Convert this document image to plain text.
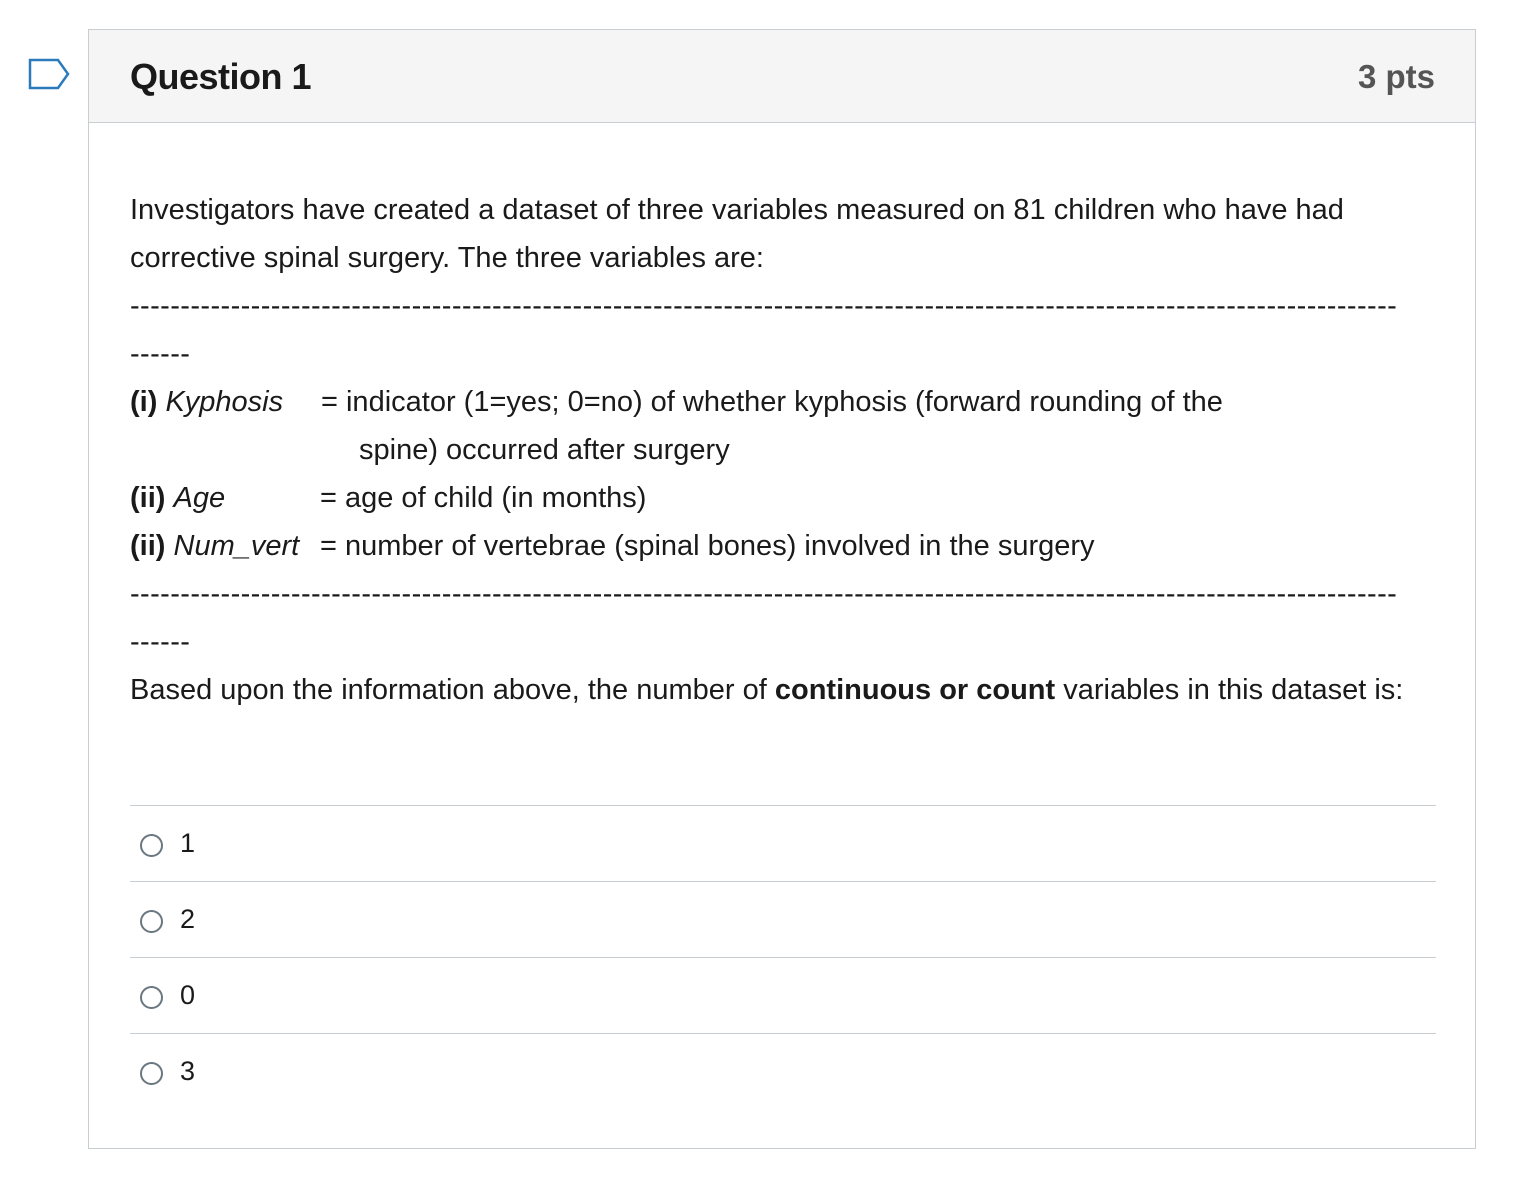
Question 1	3 pts

Investigators have created a dataset of three variables measured on 81 children who have had corrective spinal surgery. The three variables are:

------------------------------------------------------------------------------------------------------------------------------

------

(i) Kyphosis = indicator (1=yes; 0=no) of whether kyphosis (forward rounding of the
spine) occurred after surgery
(ii) Age	= age of child (in months)
(ii) Num_vert = number of vertebrae (spinal bones) involved in the surgery

------------------------------------------------------------------------------------------------------------------------------

------

Based upon the information above, the number of continuous or count variables in this dataset is:

1
2
0
3
